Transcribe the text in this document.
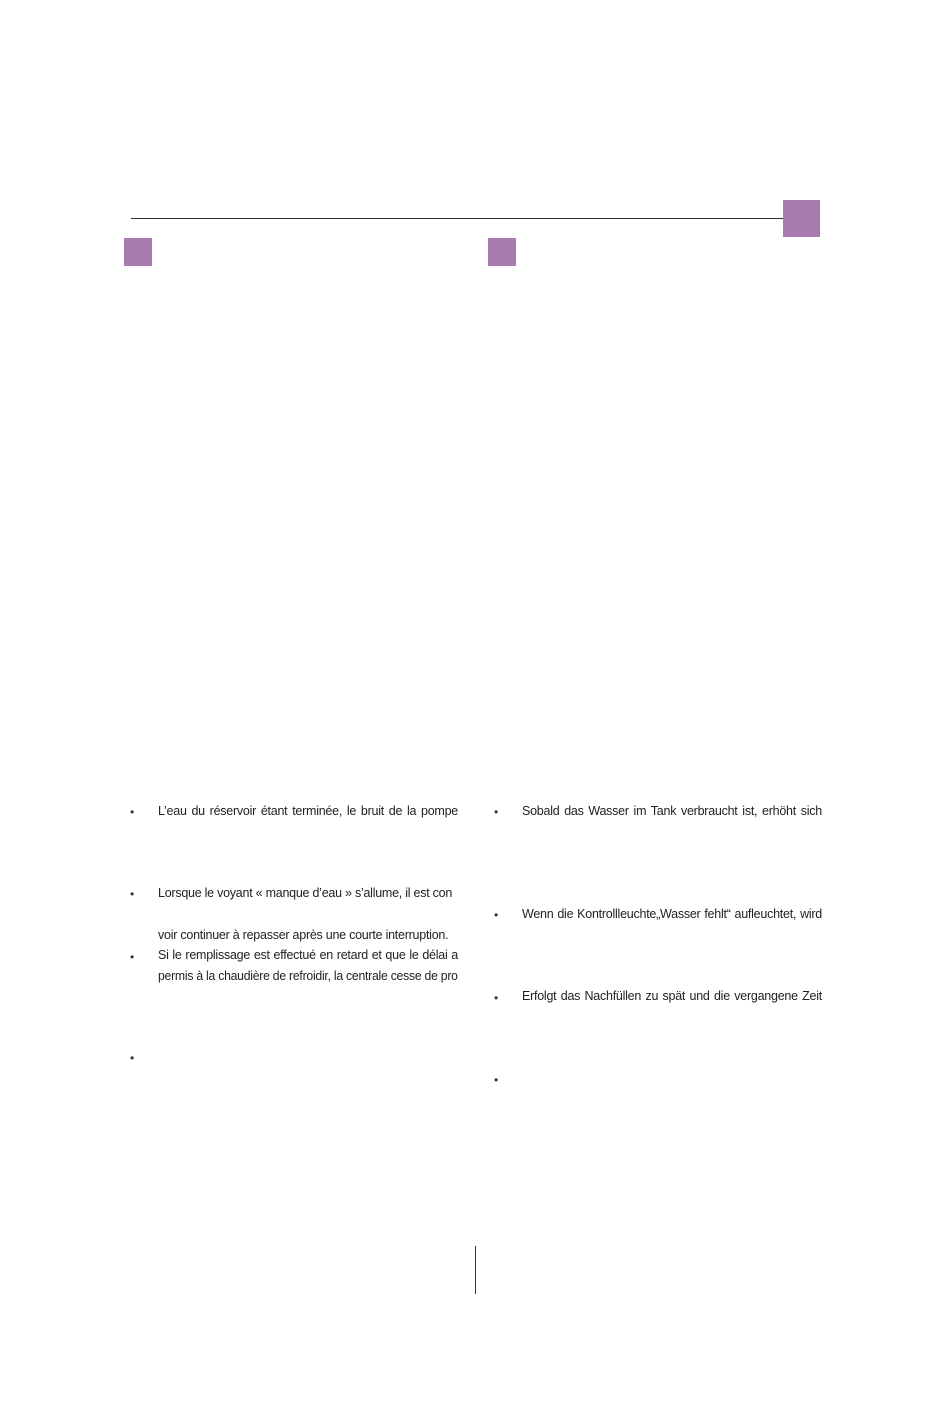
• L’eau du réservoir étant terminée, le bruit de la pompe
• Lorsque le voyant « manque d’eau » s’allume, il est con
voir continuer à repasser après une courte interruption.
• Si le remplissage est effectué en retard et que le délai a
permis à la chaudière de refroidir, la centrale cesse de pro
•
• Sobald das Wasser im Tank verbraucht ist, erhöht sich
• Wenn die Kontrollleuchte„Wasser fehlt“ aufleuchtet, wird
• Erfolgt das Nachfüllen zu spät und die vergangene Zeit
•
